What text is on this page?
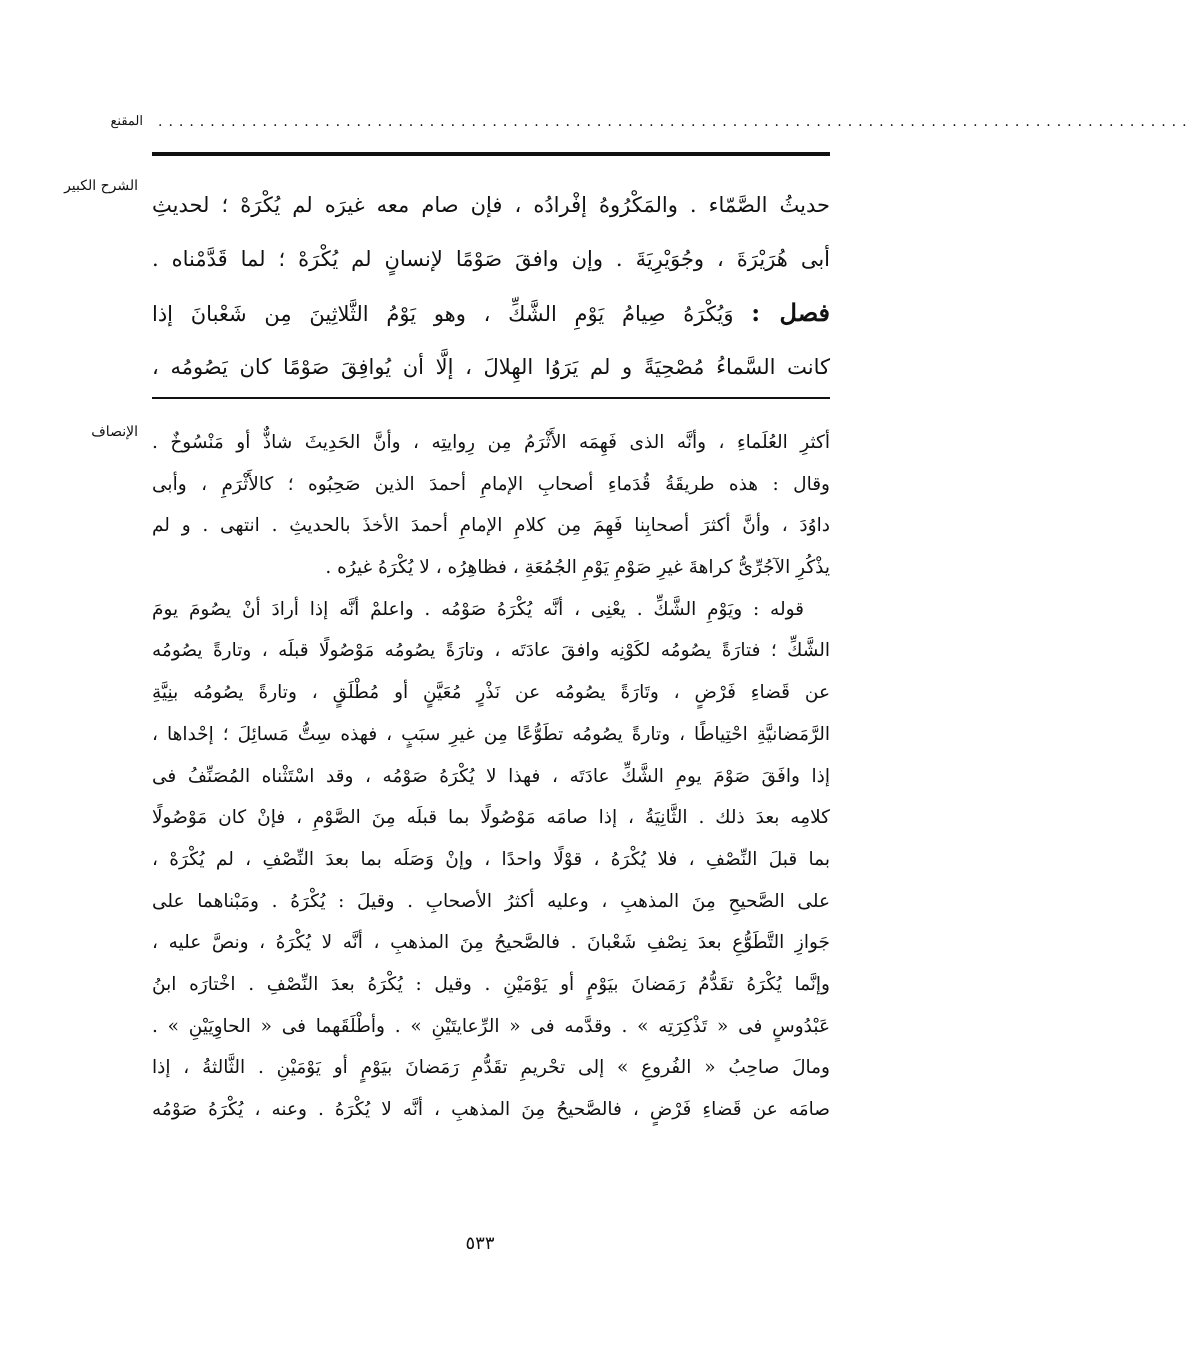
المقنع ...................................................................................................
الشرح الكبير
حديثُ الصَّمّاء . والمَكْرُوهُ إفْرادُه ، فإن صام معه غيرَه لم يُكْرَهْ ؛ لحديثِ
أبى هُرَيْرَةَ ، وجُوَيْرِيَةَ . وإن وافقَ صَوْمًا لإنسانٍ لم يُكْرَهْ ؛ لما قَدَّمْناه .
فصل : وَيُكْرَهُ صِيامُ يَوْمِ الشَّكِّ ، وهو يَوْمُ الثَّلاثِينَ مِن شَعْبانَ إذا
كانت السَّماءُ مُصْحِيَةً و لم يَرَوُا الهِلالَ ، إلَّا أن يُوافِقَ صَوْمًا كان يَصُومُه ،
الإنصاف أكثرِ العُلَماءِ ، وأنَّه الذى فَهِمَه الأَثْرَمُ مِن رِوايتِه ، وأنَّ الحَدِيثَ شاذٌّ أو مَنْسُوخٌ .
وقال : هذه طريقَةُ قُدَماءِ أصحابِ الإمامِ أحمدَ الذين صَحِبُوه ؛ كالأَثْرَمِ ، وأبى
داوُدَ ، وأنَّ أكثرَ أصحابِنا فَهِمَ مِن كلامِ الإمامِ أحمدَ الأخذَ بالحديثِ . انتهى . و لم
يذْكُرِ الآجُرِّىُّ كراهةَ غيرِ صَوْمِ يَوْمِ الجُمُعَةِ ، فظاهِرُه ، لا يُكْرَهُ غيرُه .
قوله : ويَوْمِ الشَّكِّ . يعْنِى ، أنَّه يُكْرَهُ صَوْمُه . واعلمْ أنَّه إذا أرادَ أنْ يصُومَ يومَ
الشَّكِّ ؛ فتارَةً يصُومُه لكَوْنِه وافقَ عادَتَه ، وتارَةً يصُومُه مَوْصُولًا قبلَه ، وتارةً يصُومُه
عن قَضاءِ فَرْضٍ ، وتَارَةً يصُومُه عن نَذْرٍ مُعَيَّنٍ أو مُطْلَقٍ ، وتارةً يصُومُه بنِيَّةِ
الرَّمَضانيَّةِ احْتِياطًا ، وتارةً يصُومُه تطَوُّعًا مِن غيرِ سبَبٍ ، فهذه سِتُّ مَسائِلَ ؛ إحْداها ،
إذا وافَقَ صَوْمَ يومِ الشَّكِّ عادَتَه ، فهذا لا يُكْرَهُ صَوْمُه ، وقد اسْتَثْناه المُصَنِّفُ فى
كلامِه بعدَ ذلك . الثَّانِيَةُ ، إذا صامَه مَوْصُولًا بما قبلَه مِنَ الصَّوْمِ ، فإنْ كان مَوْصُولًا
بما قبلَ النِّصْفِ ، فلا يُكْرَهُ ، قوْلًا واحدًا ، وإنْ وَصَلَه بما بعدَ النِّصْفِ ، لم يُكْرَهْ ،
على الصَّحيحِ مِنَ المذهبِ ، وعليه أكثرُ الأصحابِ . وقيلَ : يُكْرَهُ . ومَبْناهما على
جَوازِ التَّطَوُّعِ بعدَ نِصْفِ شَعْبانَ . فالصَّحيحُ مِنَ المذهبِ ، أنَّه لا يُكْرَهُ ، ونصَّ عليه ،
وإنَّما يُكْرَهُ تقَدُّمُ رَمَضانَ بيَوْمٍ أو يَوْمَيْنِ . وقيل : يُكْرَهُ بعدَ النِّصْفِ . اخْتارَه ابنُ
عَبْدُوسٍ فى « تَذْكِرَتِه » . وقدَّمه فى « الرِّعايتَيْنِ » . وأطْلَقَهما فى « الحاوِيَيْنِ » .
ومالَ صاحِبُ « الفُروعِ » إلى تحْريمِ تقَدُّمِ رَمَضانَ بيَوْمٍ أو يَوْمَيْنِ . الثَّالثةُ ، إذا
صامَه عن قَضاءِ فَرْضٍ ، فالصَّحيحُ مِنَ المذهبِ ، أنَّه لا يُكْرَهُ . وعنه ، يُكْرَهُ صَوْمُه
٥٣٣
